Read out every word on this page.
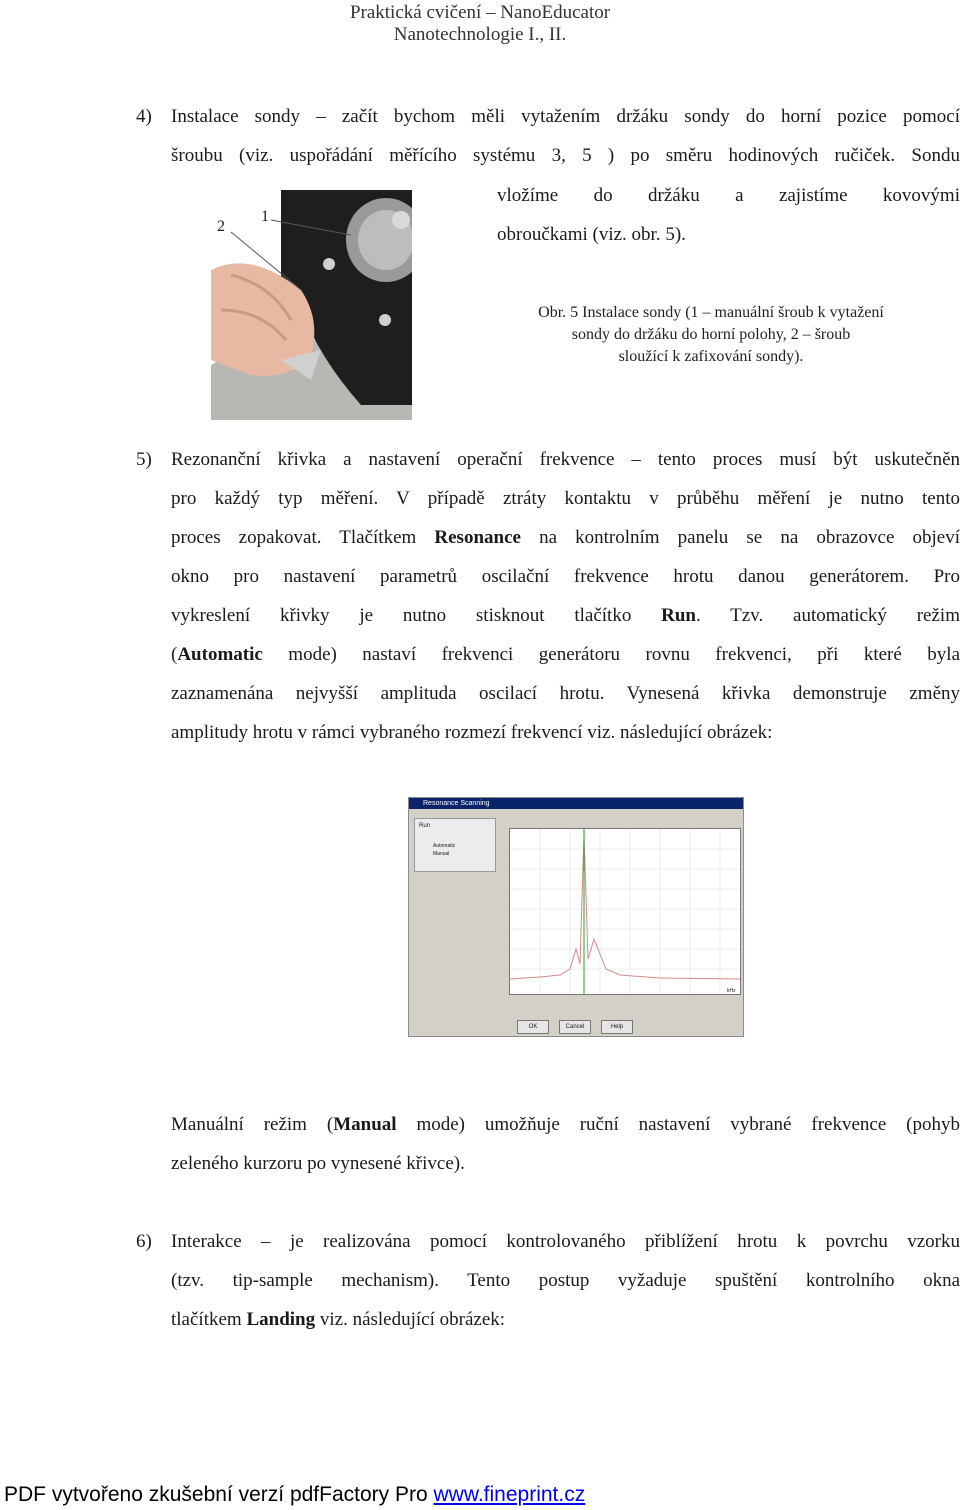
Praktická cvičení – NanoEducator
Nanotechnologie I., II.
4) Instalace sondy – začít bychom měli vytažením držáku sondy do horní pozice pomocí
šroubu (viz. uspořádání měřícího systému 3, 5 ) po směru hodinových ručiček. Sondu
vložíme do držáku a zajistíme kovovými
obroučkami (viz. obr. 5).
1
2
Obr. 5 Instalace sondy (1 – manuální šroub k vytažení
sondy do držáku do horní polohy, 2 – šroub
sloužící k zafixování sondy).
5) Rezonanční křivka a nastavení operační frekvence – tento proces musí být uskutečněn
pro každý typ měření. V případě ztráty kontaktu v průběhu měření je nutno tento
proces zopakovat. Tlačítkem Resonance na kontrolním panelu se na obrazovce objeví
okno pro nastavení parametrů oscilační frekvence hrotu danou generátorem. Pro
vykreslení křivky je nutno stisknout tlačítko Run. Tzv. automatický režim
(Automatic mode) nastaví frekvenci generátoru rovnu frekvenci, při které byla
zaznamenána nejvyšší amplituda oscilací hrotu. Vynesená křivka demonstruje změny
amplitudy hrotu v rámci vybraného rozmezí frekvencí viz. následující obrázek:
Resonance Scanning
Run
Automatic
Manual
kHz
OK	Cancel	Help
Manuální režim (Manual mode) umožňuje ruční nastavení vybrané frekvence (pohyb
zeleného kurzoru po vynesené křivce).
6) Interakce – je realizována pomocí kontrolovaného přiblížení hrotu k povrchu vzorku
(tzv. tip-sample mechanism). Tento postup vyžaduje spuštění kontrolního okna
tlačítkem Landing viz. následující obrázek:
PDF vytvořeno zkušební verzí pdfFactory Pro www.fineprint.cz
